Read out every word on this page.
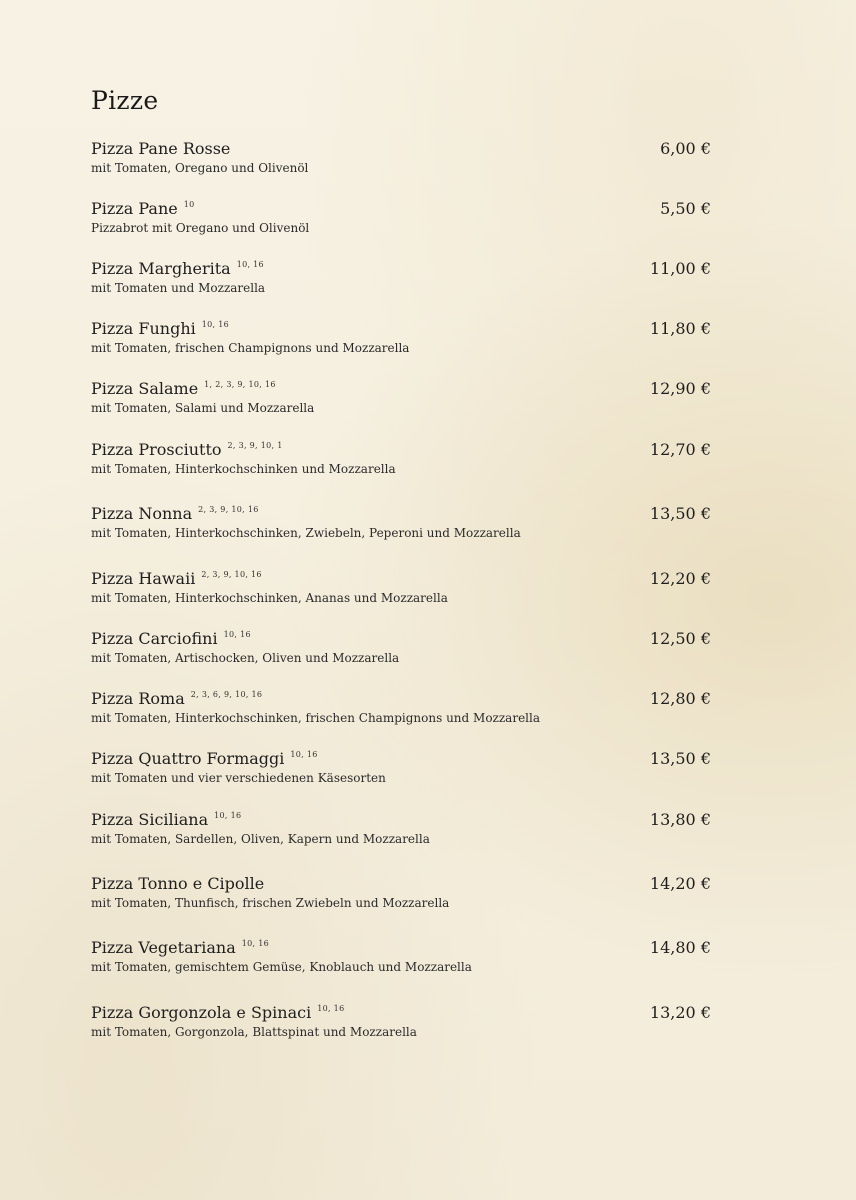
Pizze
Pizza Pane Rosse	6,00 €
mit Tomaten, Oregano und Olivenöl
Pizza Pane $^{10}$	5,50 €
Pizzabrot mit Oregano und Olivenöl
Pizza Margherita $^{10, 16}$	11,00 €
mit Tomaten und Mozzarella
Pizza Funghi $^{10, 16}$	11,80 €
mit Tomaten, frischen Champignons und Mozzarella
Pizza Salame $^{1, 2, 3, 9, 10, 16}$	12,90 €
mit Tomaten, Salami und Mozzarella
Pizza Prosciutto $^{2, 3, 9, 10, 1}$	12,70 €
mit Tomaten, Hinterkochschinken und Mozzarella
Pizza Nonna $^{2, 3, 9, 10, 16}$	13,50 €
mit Tomaten, Hinterkochschinken, Zwiebeln, Peperoni und Mozzarella
Pizza Hawaii $^{2, 3, 9, 10, 16}$	12,20 €
mit Tomaten, Hinterkochschinken, Ananas und Mozzarella
Pizza Carciofini $^{10, 16}$	12,50 €
mit Tomaten, Artischocken, Oliven und Mozzarella
Pizza Roma $^{2, 3, 6, 9, 10, 16}$	12,80 €
mit Tomaten, Hinterkochschinken, frischen Champignons und Mozzarella
Pizza Quattro Formaggi $^{10, 16}$	13,50 €
mit Tomaten und vier verschiedenen Käsesorten
Pizza Siciliana $^{10, 16}$	13,80 €
mit Tomaten, Sardellen, Oliven, Kapern und Mozzarella
Pizza Tonno e Cipolle	14,20 €
mit Tomaten, Thunfisch, frischen Zwiebeln und Mozzarella
Pizza Vegetariana $^{10, 16}$	14,80 €
mit Tomaten, gemischtem Gemüse, Knoblauch und Mozzarella
Pizza Gorgonzola e Spinaci $^{10, 16}$	13,20 €
mit Tomaten, Gorgonzola, Blattspinat und Mozzarella
